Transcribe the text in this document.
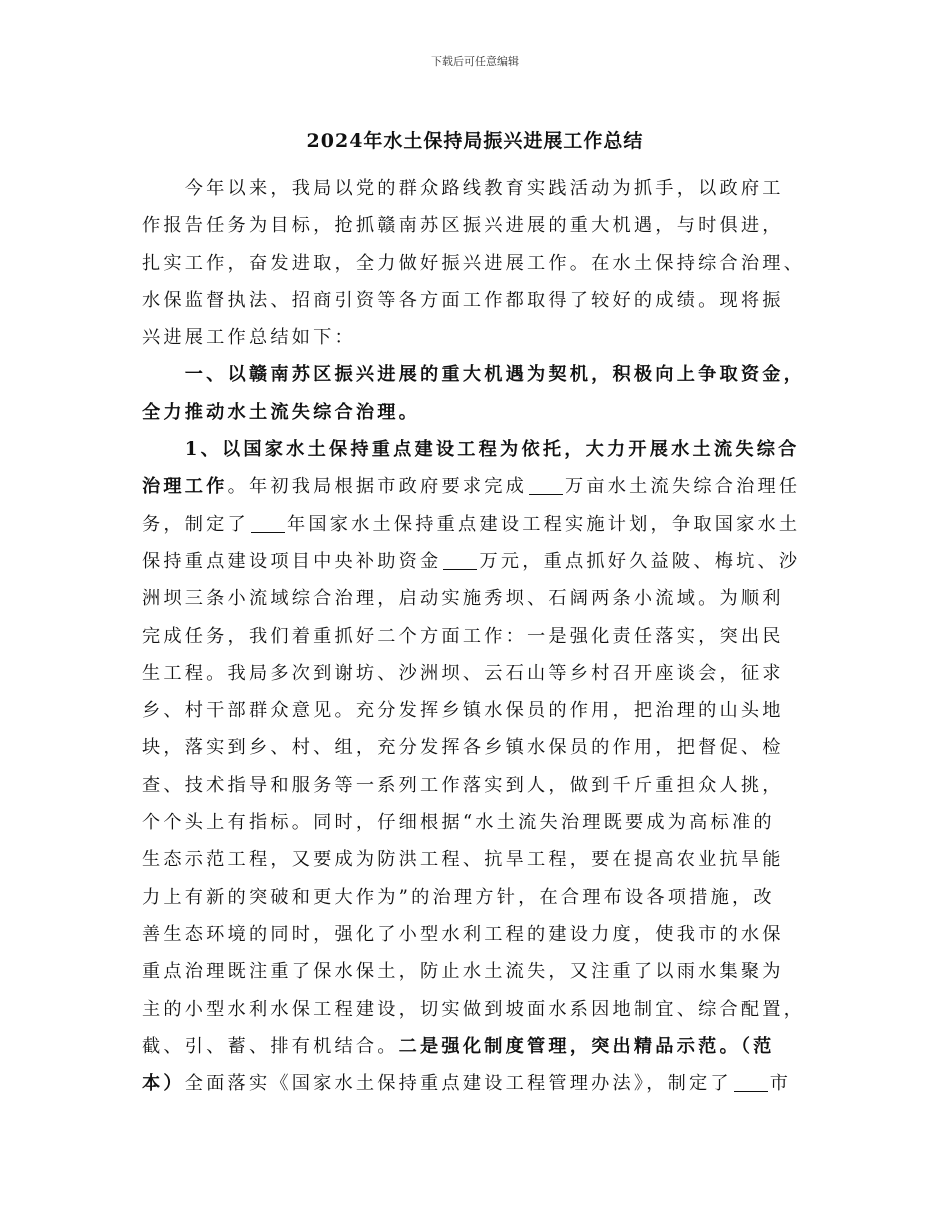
下载后可任意编辑
2024年水土保持局振兴进展工作总结
　　今年以来，我局以党的群众路线教育实践活动为抓手，以政府工
作报告任务为目标，抢抓赣南苏区振兴进展的重大机遇，与时俱进，
扎实工作，奋发进取，全力做好振兴进展工作。在水土保持综合治理、
水保监督执法、招商引资等各方面工作都取得了较好的成绩。现将振
兴进展工作总结如下：
　　一、以赣南苏区振兴进展的重大机遇为契机，积极向上争取资金，
全力推动水土流失综合治理。
　　1、以国家水土保持重点建设工程为依托，大力开展水土流失综合
治理工作。年初我局根据市政府要求完成 万亩水土流失综合治理任
务，制定了 年国家水土保持重点建设工程实施计划，争取国家水土
保持重点建设项目中央补助资金 万元，重点抓好久益陂、梅坑、沙
洲坝三条小流域综合治理，启动实施秀坝、石阔两条小流域。为顺利
完成任务，我们着重抓好二个方面工作：一是强化责任落实，突出民
生工程。我局多次到谢坊、沙洲坝、云石山等乡村召开座谈会，征求
乡、村干部群众意见。充分发挥乡镇水保员的作用，把治理的山头地
块，落实到乡、村、组，充分发挥各乡镇水保员的作用，把督促、检
查、技术指导和服务等一系列工作落实到人，做到千斤重担众人挑，
个个头上有指标。同时，仔细根据“水土流失治理既要成为高标准的
生态示范工程，又要成为防洪工程、抗旱工程，要在提高农业抗旱能
力上有新的突破和更大作为”的治理方针，在合理布设各项措施，改
善生态环境的同时，强化了小型水利工程的建设力度，使我市的水保
重点治理既注重了保水保土，防止水土流失，又注重了以雨水集聚为
主的小型水利水保工程建设，切实做到坡面水系因地制宜、综合配置，
截、引、蓄、排有机结合。二是强化制度管理，突出精品示范。（范
本）全面落实《国家水土保持重点建设工程管理办法》，制定了 市
